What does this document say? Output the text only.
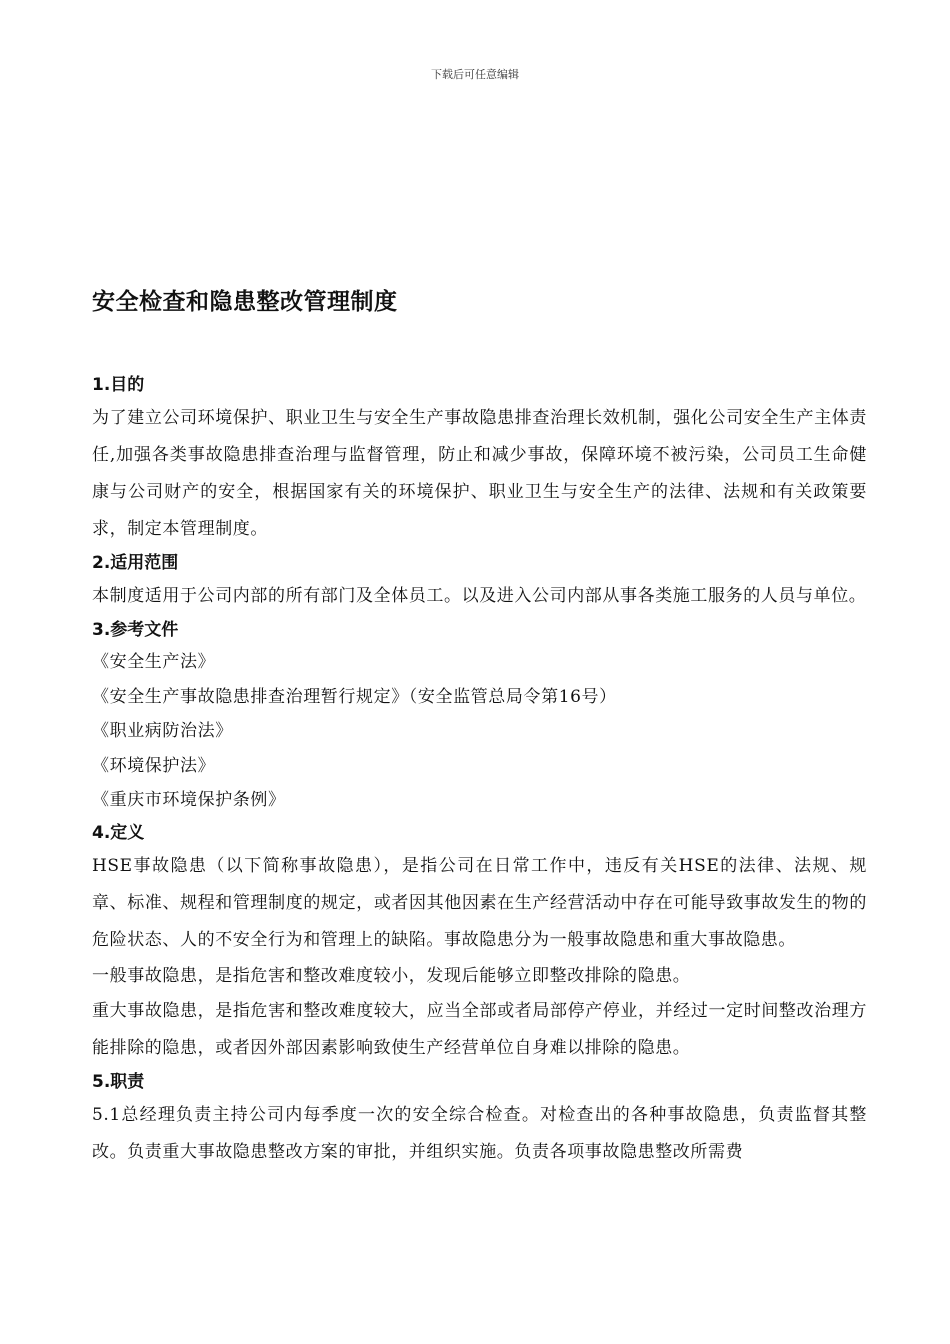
下载后可任意编辑
安全检查和隐患整改管理制度
1.目的

为了建立公司环境保护、职业卫生与安全生产事故隐患排查治理长效机制，强化公司安全生产主体责任,加强各类事故隐患排查治理与监督管理，防止和减少事故，保障环境不被污染，公司员工生命健康与公司财产的安全，根据国家有关的环境保护、职业卫生与安全生产的法律、法规和有关政策要求，制定本管理制度。

2.适用范围

本制度适用于公司内部的所有部门及全体员工。以及进入公司内部从事各类施工服务的人员与单位。

3.参考文件

《安全生产法》

《安全生产事故隐患排查治理暂行规定》（安全监管总局令第16号）

《职业病防治法》

《环境保护法》

《重庆市环境保护条例》

4.定义

HSE事故隐患（以下简称事故隐患），是指公司在日常工作中，违反有关HSE的法律、法规、规章、标准、规程和管理制度的规定，或者因其他因素在生产经营活动中存在可能导致事故发生的物的危险状态、人的不安全行为和管理上的缺陷。事故隐患分为一般事故隐患和重大事故隐患。

一般事故隐患，是指危害和整改难度较小，发现后能够立即整改排除的隐患。

重大事故隐患，是指危害和整改难度较大，应当全部或者局部停产停业，并经过一定时间整改治理方能排除的隐患，或者因外部因素影响致使生产经营单位自身难以排除的隐患。

5.职责

5.1总经理负责主持公司内每季度一次的安全综合检查。对检查出的各种事故隐患，负责监督其整改。负责重大事故隐患整改方案的审批，并组织实施。负责各项事故隐患整改所需费
